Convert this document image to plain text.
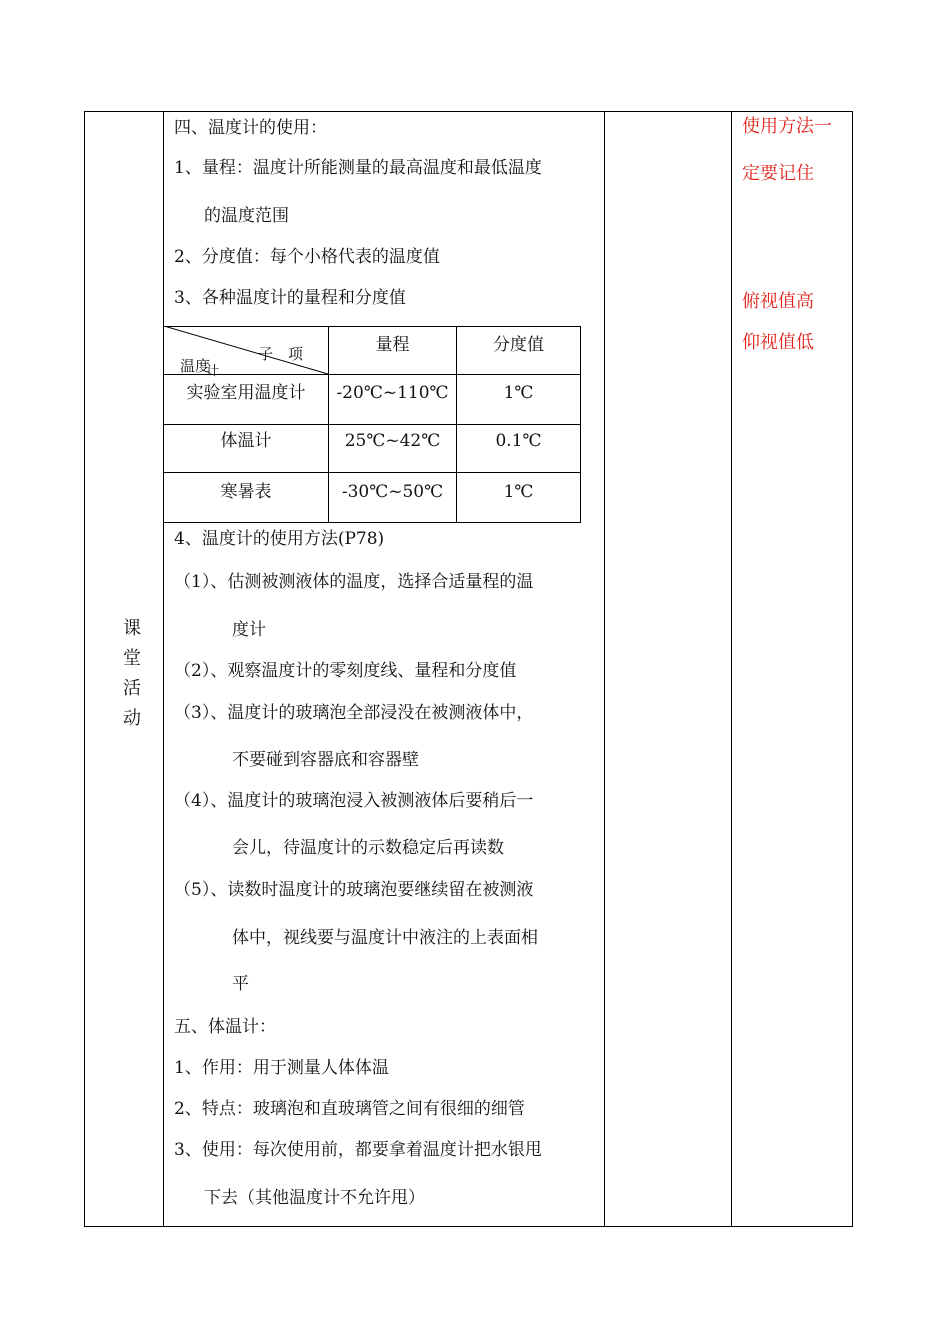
课
堂
活
动
四、温度计的使用：
1、量程：温度计所能测量的最高温度和最低温度
的温度范围
2、分度值：每个小格代表的温度值
3、各种温度计的量程和分度值
子　项
温度
计
量程	分度值
实验室用温度计	-20℃~110℃	1℃
体温计	25℃~42℃	0.1℃
寒暑表	-30℃~50℃	1℃
4、温度计的使用方法(P78)
（1）、估测被测液体的温度，选择合适量程的温
度计
（2）、观察温度计的零刻度线、量程和分度值
（3）、温度计的玻璃泡全部浸没在被测液体中，
不要碰到容器底和容器壁
（4）、温度计的玻璃泡浸入被测液体后要稍后一
会儿，待温度计的示数稳定后再读数
（5）、读数时温度计的玻璃泡要继续留在被测液
体中，视线要与温度计中液注的上表面相
平
五、体温计：
1、作用：用于测量人体体温
2、特点：玻璃泡和直玻璃管之间有很细的细管
3、使用：每次使用前，都要拿着温度计把水银甩
下去（其他温度计不允许甩）
使用方法一
定要记住
俯视值高
仰视值低
